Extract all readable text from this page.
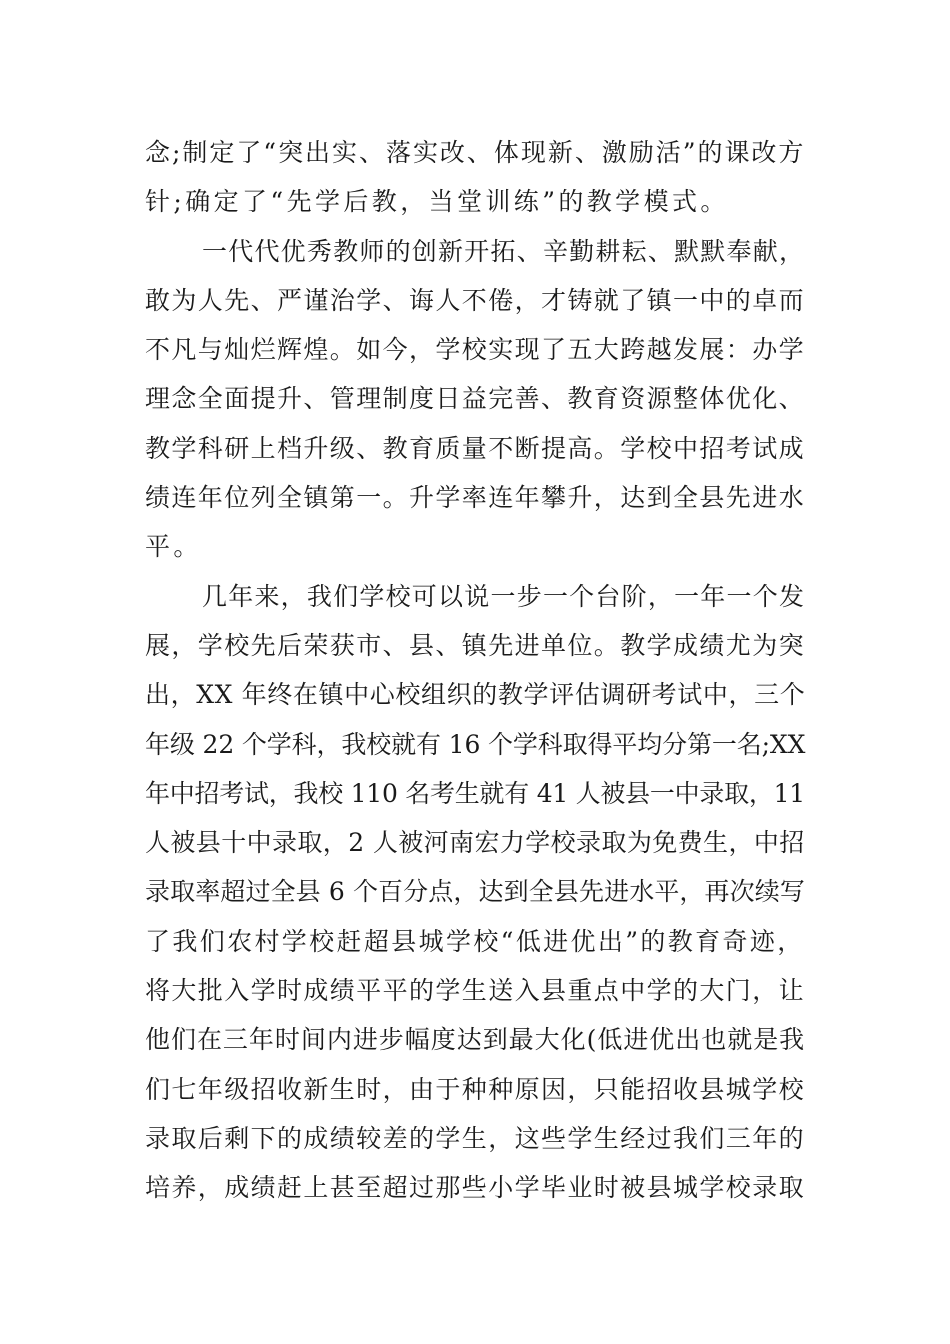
念;制定了“突出实、落实改、体现新、激励活”的课改方
针;确定了“先学后教，当堂训练”的教学模式。
一代代优秀教师的创新开拓、辛勤耕耘、默默奉献，
敢为人先、严谨治学、诲人不倦，才铸就了镇一中的卓而
不凡与灿烂辉煌。如今，学校实现了五大跨越发展：办学
理念全面提升、管理制度日益完善、教育资源整体优化、
教学科研上档升级、教育质量不断提高。学校中招考试成
绩连年位列全镇第一。升学率连年攀升，达到全县先进水
平。
几年来，我们学校可以说一步一个台阶，一年一个发
展，学校先后荣获市、县、镇先进单位。教学成绩尤为突
出，XX 年终在镇中心校组织的教学评估调研考试中，三个
年级 22 个学科，我校就有 16 个学科取得平均分第一名;XX
年中招考试，我校 110 名考生就有 41 人被县一中录取，11
人被县十中录取，2 人被河南宏力学校录取为免费生，中招
录取率超过全县 6 个百分点，达到全县先进水平，再次续写
了我们农村学校赶超县城学校“低进优出”的教育奇迹，
将大批入学时成绩平平的学生送入县重点中学的大门，让
他们在三年时间内进步幅度达到最大化(低进优出也就是我
们七年级招收新生时，由于种种原因，只能招收县城学校
录取后剩下的成绩较差的学生，这些学生经过我们三年的
培养，成绩赶上甚至超过那些小学毕业时被县城学校录取
